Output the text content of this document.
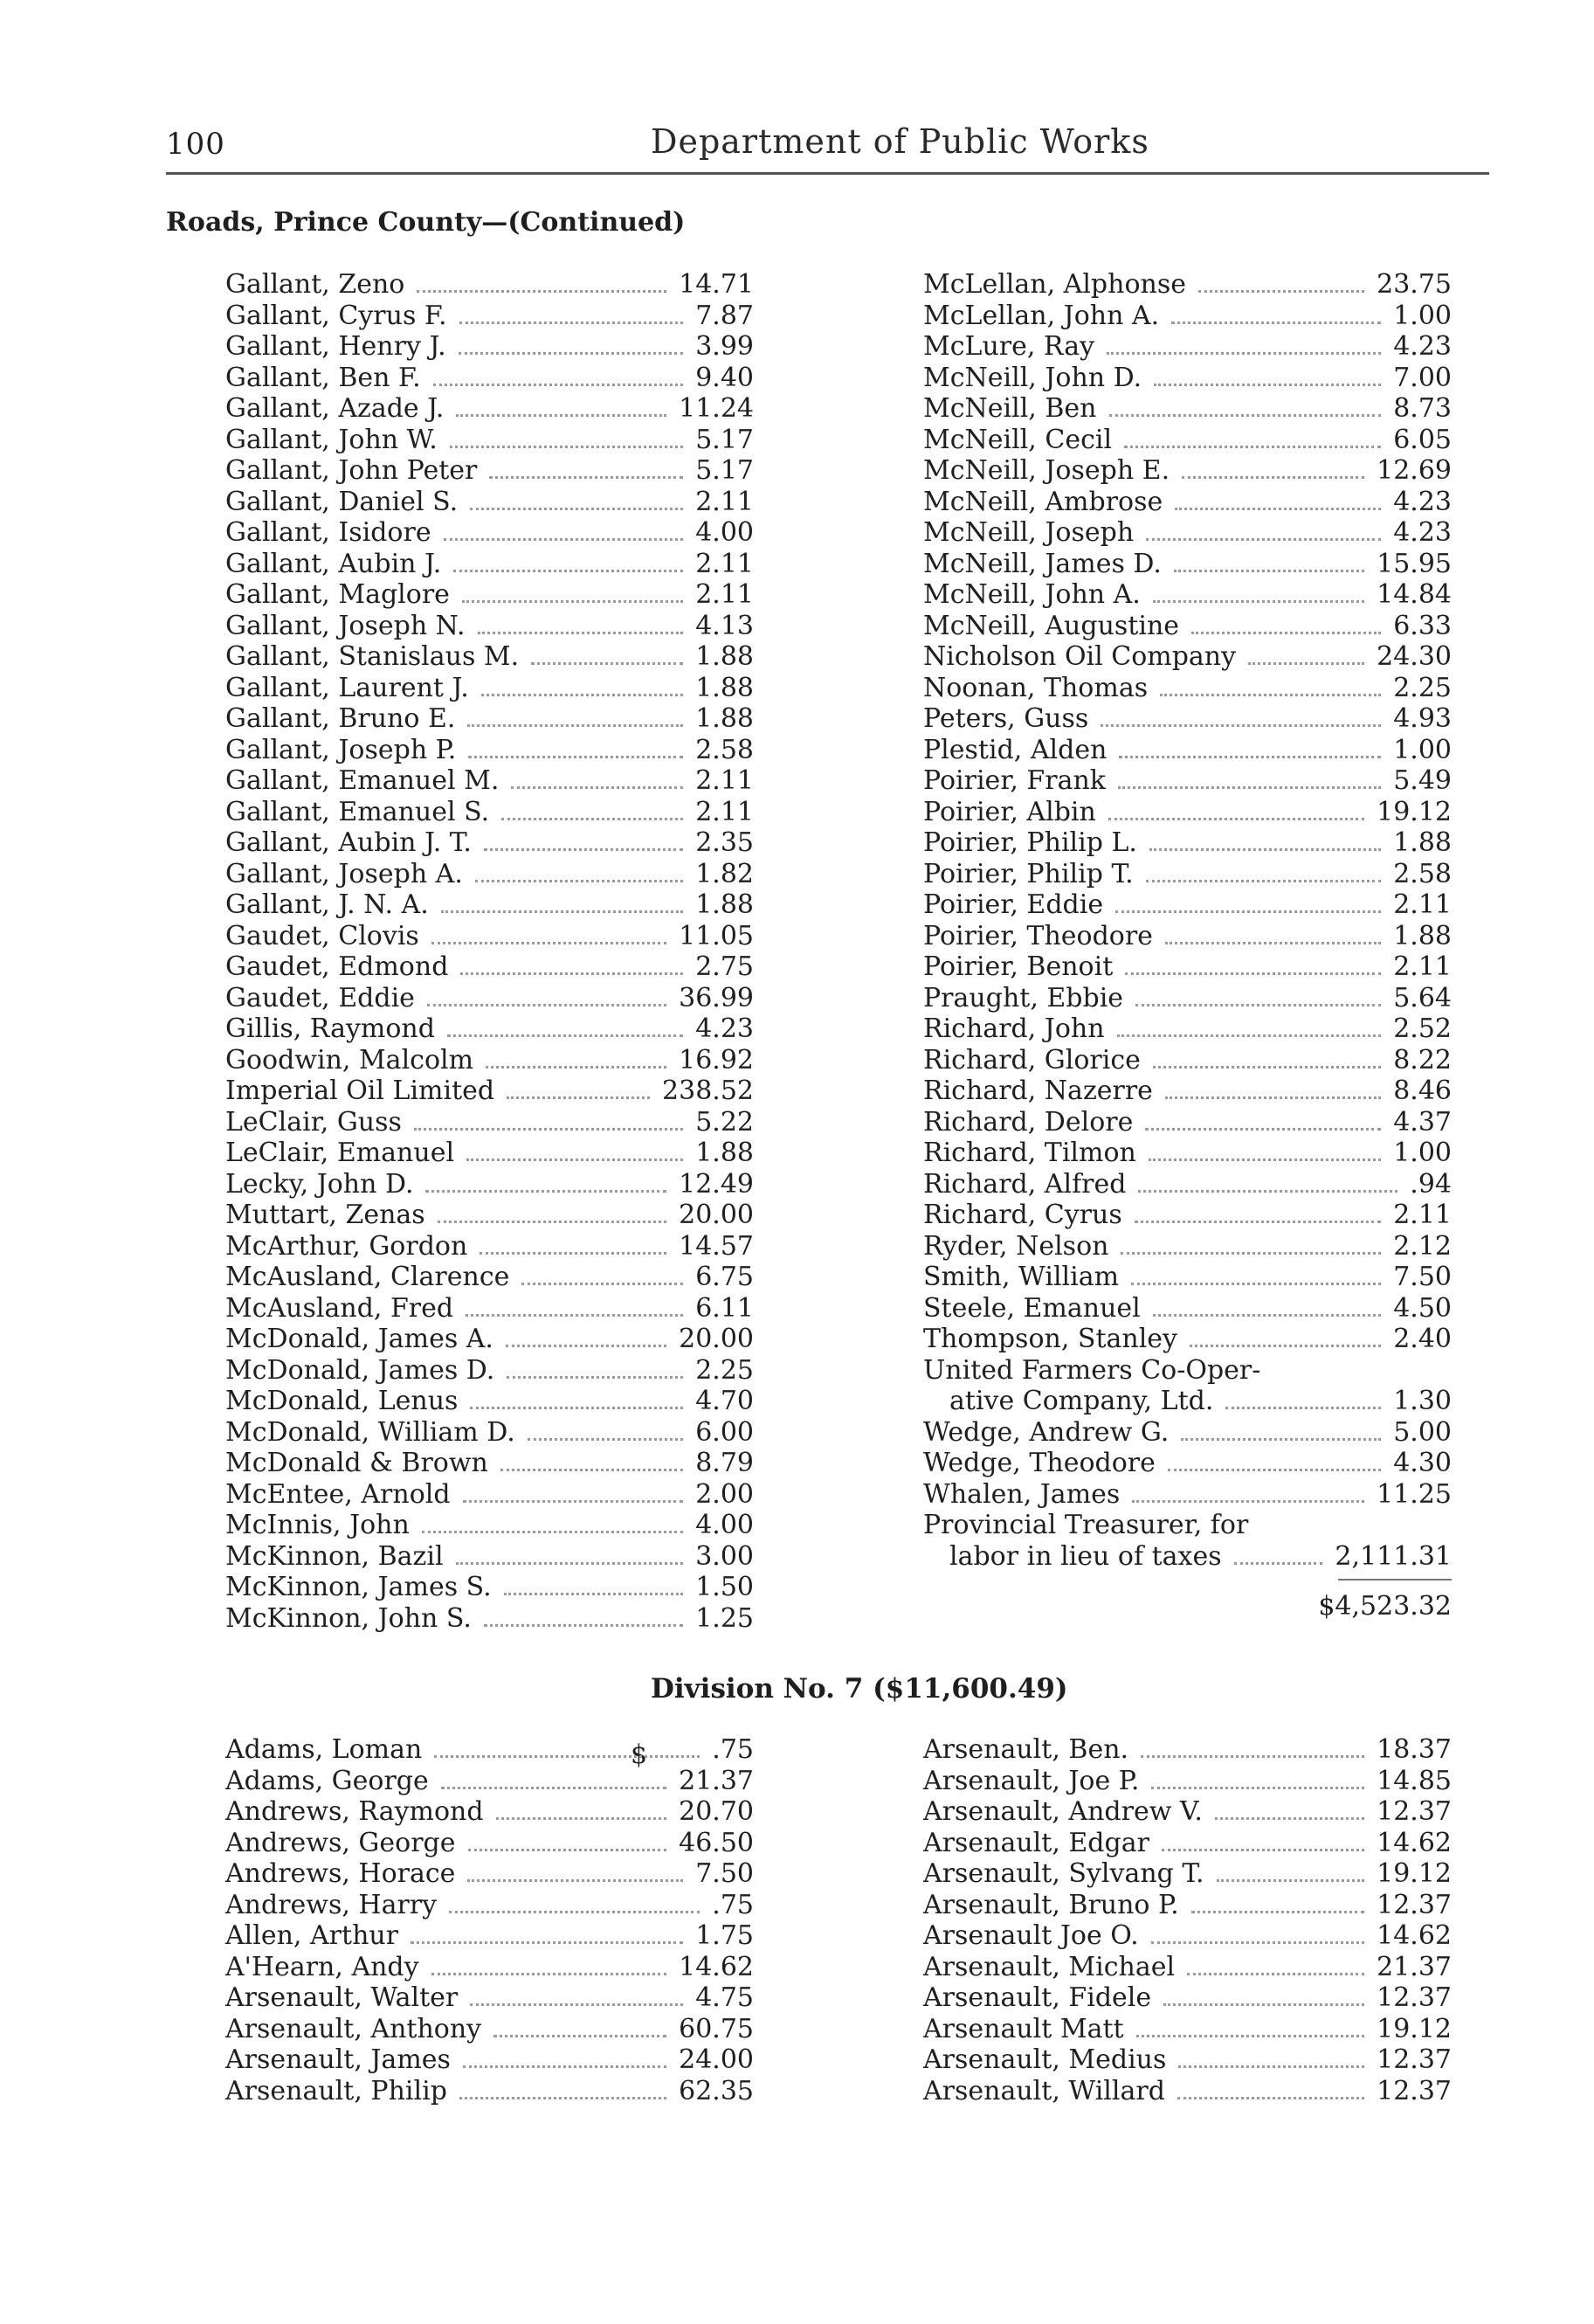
100	Department of Public Works
Roads, Prince County—(Continued)
Gallant, Zeno	14.71
Gallant, Cyrus F.	7.87
Gallant, Henry J.	3.99
Gallant, Ben F.	9.40
Gallant, Azade J.	11.24
Gallant, John W.	5.17
Gallant, John Peter	5.17
Gallant, Daniel S.	2.11
Gallant, Isidore	4.00
Gallant, Aubin J.	2.11
Gallant, Maglore	2.11
Gallant, Joseph N.	4.13
Gallant, Stanislaus M.	1.88
Gallant, Laurent J.	1.88
Gallant, Bruno E.	1.88
Gallant, Joseph P.	2.58
Gallant, Emanuel M.	2.11
Gallant, Emanuel S.	2.11
Gallant, Aubin J. T.	2.35
Gallant, Joseph A.	1.82
Gallant, J. N. A.	1.88
Gaudet, Clovis	11.05
Gaudet, Edmond	2.75
Gaudet, Eddie	36.99
Gillis, Raymond	4.23
Goodwin, Malcolm	16.92
Imperial Oil Limited	238.52
LeClair, Guss	5.22
LeClair, Emanuel	1.88
Lecky, John D.	12.49
Muttart, Zenas	20.00
McArthur, Gordon	14.57
McAusland, Clarence	6.75
McAusland, Fred	6.11
McDonald, James A.	20.00
McDonald, James D.	2.25
McDonald, Lenus	4.70
McDonald, William D.	6.00
McDonald & Brown	8.79
McEntee, Arnold	2.00
McInnis, John	4.00
McKinnon, Bazil	3.00
McKinnon, James S.	1.50
McKinnon, John S.	1.25
McLellan, Alphonse	23.75
McLellan, John A.	1.00
McLure, Ray	4.23
McNeill, John D.	7.00
McNeill, Ben	8.73
McNeill, Cecil	6.05
McNeill, Joseph E.	12.69
McNeill, Ambrose	4.23
McNeill, Joseph	4.23
McNeill, James D.	15.95
McNeill, John A.	14.84
McNeill, Augustine	6.33
Nicholson Oil Company	24.30
Noonan, Thomas	2.25
Peters, Guss	4.93
Plestid, Alden	1.00
Poirier, Frank	5.49
Poirier, Albin	19.12
Poirier, Philip L.	1.88
Poirier, Philip T.	2.58
Poirier, Eddie	2.11
Poirier, Theodore	1.88
Poirier, Benoit	2.11
Praught, Ebbie	5.64
Richard, John	2.52
Richard, Glorice	8.22
Richard, Nazerre	8.46
Richard, Delore	4.37
Richard, Tilmon	1.00
Richard, Alfred	.94
Richard, Cyrus	2.11
Ryder, Nelson	2.12
Smith, William	7.50
Steele, Emanuel	4.50
Thompson, Stanley	2.40
United Farmers Co-Oper-
ative Company, Ltd.	1.30
Wedge, Andrew G.	5.00
Wedge, Theodore	4.30
Whalen, James	11.25
Provincial Treasurer, for
labor in lieu of taxes	2,111.31
$4,523.32
Division No. 7 ($11,600.49)
$
Adams, Loman	.75
Adams, George	21.37
Andrews, Raymond	20.70
Andrews, George	46.50
Andrews, Horace	7.50
Andrews, Harry	.75
Allen, Arthur	1.75
A'Hearn, Andy	14.62
Arsenault, Walter	4.75
Arsenault, Anthony	60.75
Arsenault, James	24.00
Arsenault, Philip	62.35
Arsenault, Ben.	18.37
Arsenault, Joe P.	14.85
Arsenault, Andrew V.	12.37
Arsenault, Edgar	14.62
Arsenault, Sylvang T.	19.12
Arsenault, Bruno P.	12.37
Arsenault Joe O.	14.62
Arsenault, Michael	21.37
Arsenault, Fidele	12.37
Arsenault Matt	19.12
Arsenault, Medius	12.37
Arsenault, Willard	12.37
